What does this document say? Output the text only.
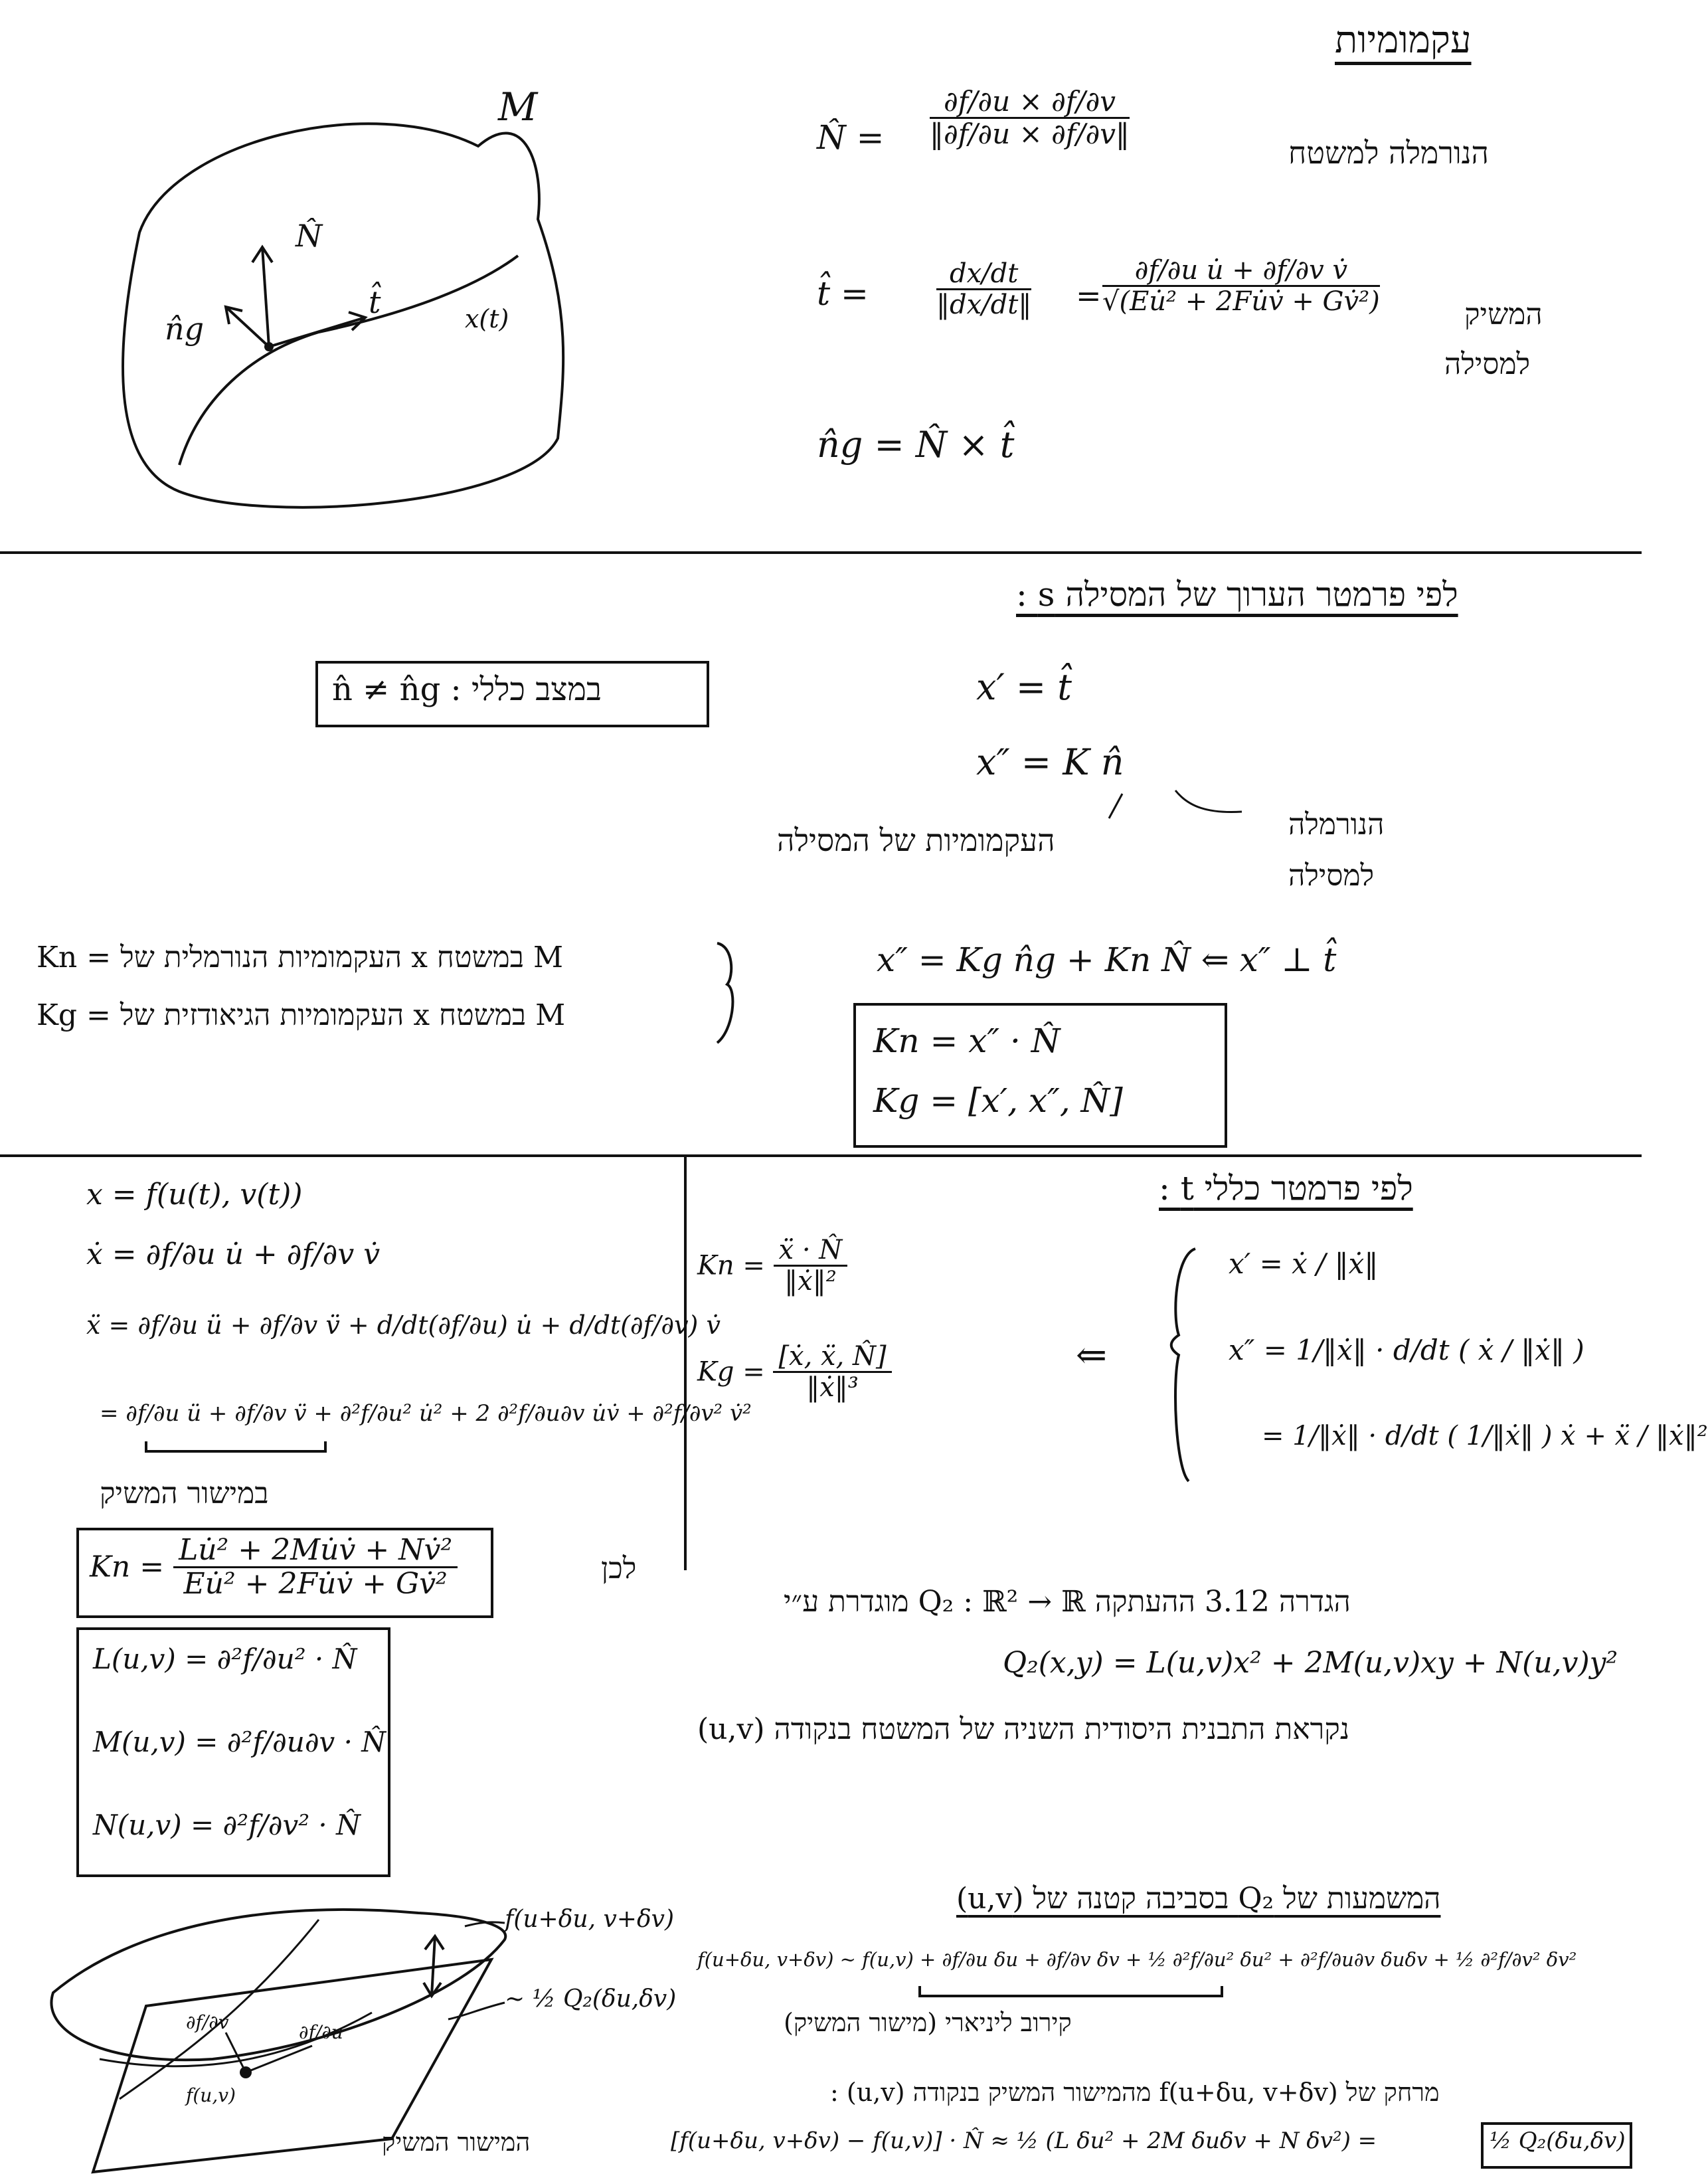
עקמומיות
M
N̂
t̂
n̂g	x(t)
N̂ = $\frac{\partial f/\partial u \times \partial f/\partial v}{‖\partial f/\partial u \times \partial f/\partial v‖}$
הנורמלה למשטח
t̂ =	$\frac{dx/dt}{‖dx/dt‖} = \frac{\text{∂f/∂u u̇ + ∂f/∂v v̇}}{\text{√(Eu̇² + 2Fu̇v̇ + Gv̇²)}}$	המשיק
למסילה
n̂g = N̂ × t̂
לפי פרמטר הערוך של המסילה s :
במצב כללי : n̂ ≠ n̂g	x′ = t̂
x″ = K n̂
העקמומיות של המסילה	הנורמלה
למסילה
Kn = העקמומיות הנורמלית של x במשטח M
Kg = העקמומיות הגיאודזית של x במשטח M
x″ = Kg n̂g + Kn N̂ ⇐ x″ ⊥ t̂
Kn = x″ · N̂
Kg = [x′, x″, N̂]
x = f(u(t), v(t))
ẋ = ∂f/∂u u̇ + ∂f/∂v v̇
ẍ = ∂f/∂u ü + ∂f/∂v v̈ + d/dt(∂f/∂u) u̇ + d/dt(∂f/∂v) v̇
= ∂f/∂u ü + ∂f/∂v v̈ + ∂²f/∂u² u̇² + 2 ∂²f/∂u∂v u̇v̇ + ∂²f/∂v² v̇²
במישור המשיק
$Kn = \frac{\text{Lu̇² + 2Mu̇v̇ + Nv̇²}}{\text{Eu̇² + 2Fu̇v̇ + Gv̇²}}$	לכן
L(u,v) = ∂²f/∂u² · N̂
M(u,v) = ∂²f/∂u∂v · N̂
N(u,v) = ∂²f/∂v² · N̂
$Kn = \frac{\text{ẍ · N̂}}{\text{‖ẋ‖²}}$
$Kg = \frac{\text{[ẋ, ẍ, N̂]}}{\text{‖ẋ‖³}}$	⇐
לפי פרמטר כללי t :
x′ = ẋ / ‖ẋ‖
x″ = 1/‖ẋ‖ · d/dt ( ẋ / ‖ẋ‖ )
= 1/‖ẋ‖ · d/dt ( 1/‖ẋ‖ ) ẋ + ẍ / ‖ẋ‖²
הגדרה 3.12 ההעתקה Q₂ : ℝ² → ℝ מוגדרת ע״י
Q₂(x,y) = L(u,v)x² + 2M(u,v)xy + N(u,v)y²
נקראת התבנית היסודית השניה של המשטח בנקודה (u,v)
f(u+δu, v+δv)
~ ½ Q₂(δu,δv)
∂f/∂u
∂f/∂v
f(u,v)
המישור המשיק
המשמעות של Q₂ בסביבה קטנה של (u,v)
f(u+δu, v+δv) ~ f(u,v) + ∂f/∂u δu + ∂f/∂v δv + ½ ∂²f/∂u² δu² + ∂²f/∂u∂v δuδv + ½ ∂²f/∂v² δv²
קירוב ליניארי (מישור המשיק)
מרחק של f(u+δu, v+δv) מהמישור המשיק בנקודה (u,v) :
[f(u+δu, v+δv) − f(u,v)] · N̂ ≈ ½ (L δu² + 2M δuδv + N δv²) =	½ Q₂(δu,δv)
